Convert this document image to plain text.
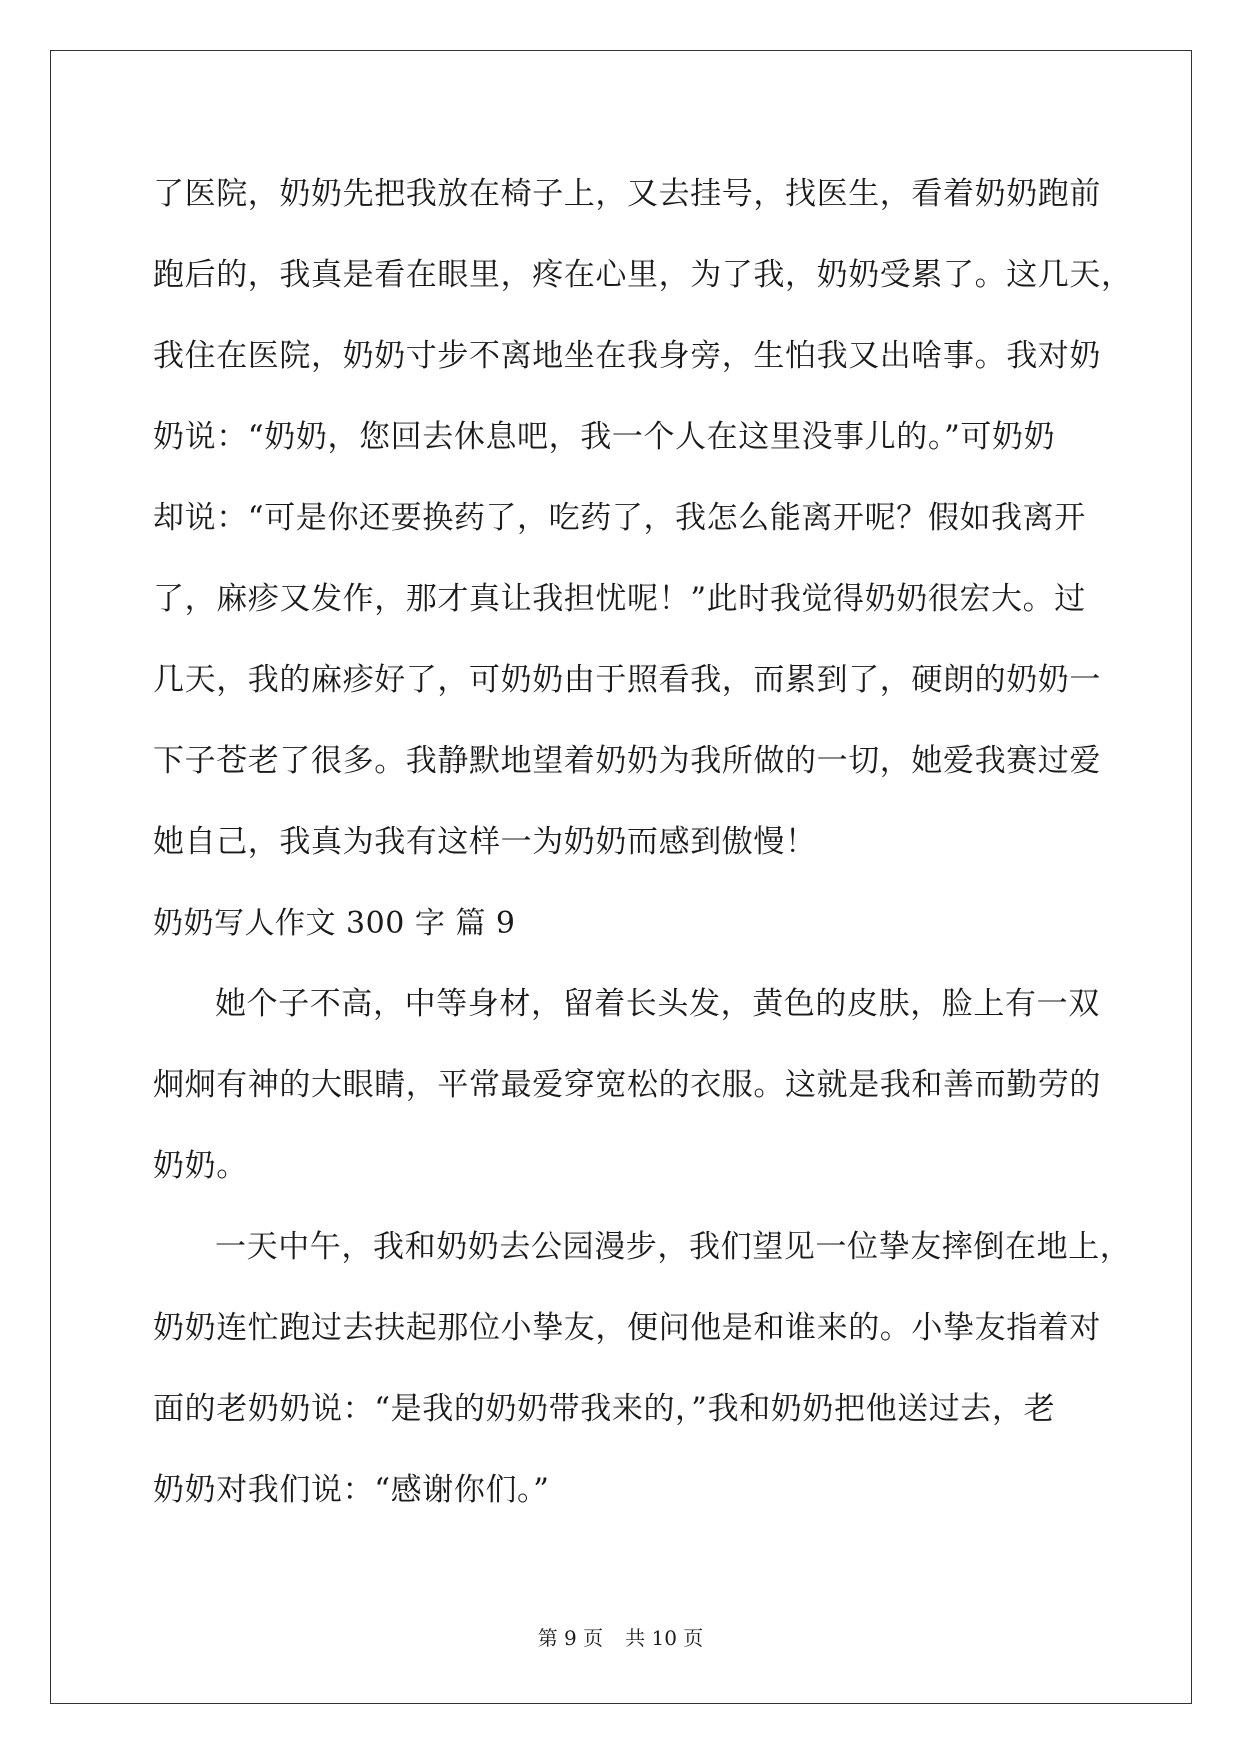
了医院，奶奶先把我放在椅子上，又去挂号，找医生，看着奶奶跑前
跑后的，我真是看在眼里，疼在心里，为了我，奶奶受累了。这几天，
我住在医院，奶奶寸步不离地坐在我身旁，生怕我又出啥事。我对奶
奶说：“奶奶，您回去休息吧，我一个人在这里没事儿的。”可奶奶
却说：“可是你还要换药了，吃药了，我怎么能离开呢？假如我离开
了，麻疹又发作，那才真让我担忧呢！”此时我觉得奶奶很宏大。过
几天，我的麻疹好了，可奶奶由于照看我，而累到了，硬朗的奶奶一
下子苍老了很多。我静默地望着奶奶为我所做的一切，她爱我赛过爱
她自己，我真为我有这样一为奶奶而感到傲慢！
奶奶写人作文 300 字 篇 9
她个子不高，中等身材，留着长头发，黄色的皮肤，脸上有一双
炯炯有神的大眼睛，平常最爱穿宽松的衣服。这就是我和善而勤劳的
奶奶。
一天中午，我和奶奶去公园漫步，我们望见一位挚友摔倒在地上，
奶奶连忙跑过去扶起那位小挚友，便问他是和谁来的。小挚友指着对
面的老奶奶说：“是我的奶奶带我来的，”我和奶奶把他送过去，老
奶奶对我们说：“感谢你们。”
第 9 页 共 10 页
